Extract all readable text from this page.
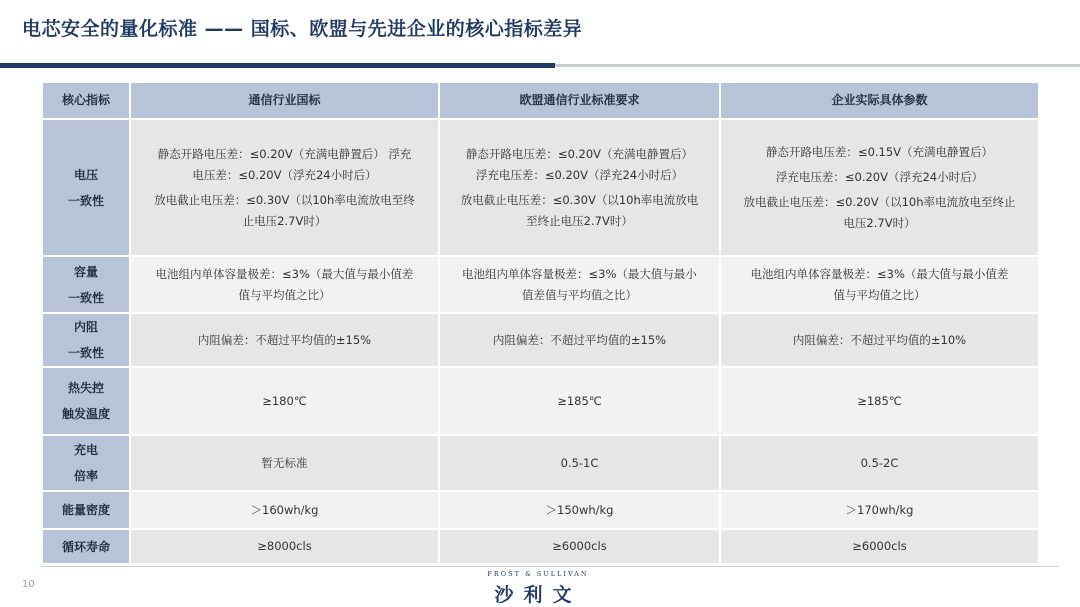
电芯安全的量化标准 —— 国标、欧盟与先进企业的核心指标差异
核心指标	通信行业国标	欧盟通信行业标准要求	企业实际具体参数

电压
一致性	静态开路电压差：≤0.20V（充满电静置后） 浮充
电压差：≤0.20V（浮充24小时后）
放电截止电压差：≤0.30V（以10h率电流放电至终
止电压2.7V时）	静态开路电压差：≤0.20V（充满电静置后）
浮充电压差：≤0.20V（浮充24小时后）
放电截止电压差：≤0.30V（以10h率电流放电
至终止电压2.7V时）	静态开路电压差：≤0.15V（充满电静置后）
浮充电压差：≤0.20V（浮充24小时后）
放电截止电压差：≤0.20V（以10h率电流放电至终止
电压2.7V时）

容量
一致性	电池组内单体容量极差：≤3%（最大值与最小值差
值与平均值之比）	电池组内单体容量极差：≤3%（最大值与最小
值差值与平均值之比）	电池组内单体容量极差：≤3%（最大值与最小值差
值与平均值之比）

内阻
一致性	内阻偏差：不超过平均值的±15%	内阻偏差：不超过平均值的±15%	内阻偏差：不超过平均值的±10%

热失控
触发温度	≥180℃	≥185℃	≥185℃

充电
倍率	暂无标准	0.5-1C	0.5-2C
能量密度	＞160wh/kg	＞150wh/kg	＞170wh/kg
循环寿命	≥8000cls	≥6000cls	≥6000cls
10
FROST & SULLIVAN
沙利文
